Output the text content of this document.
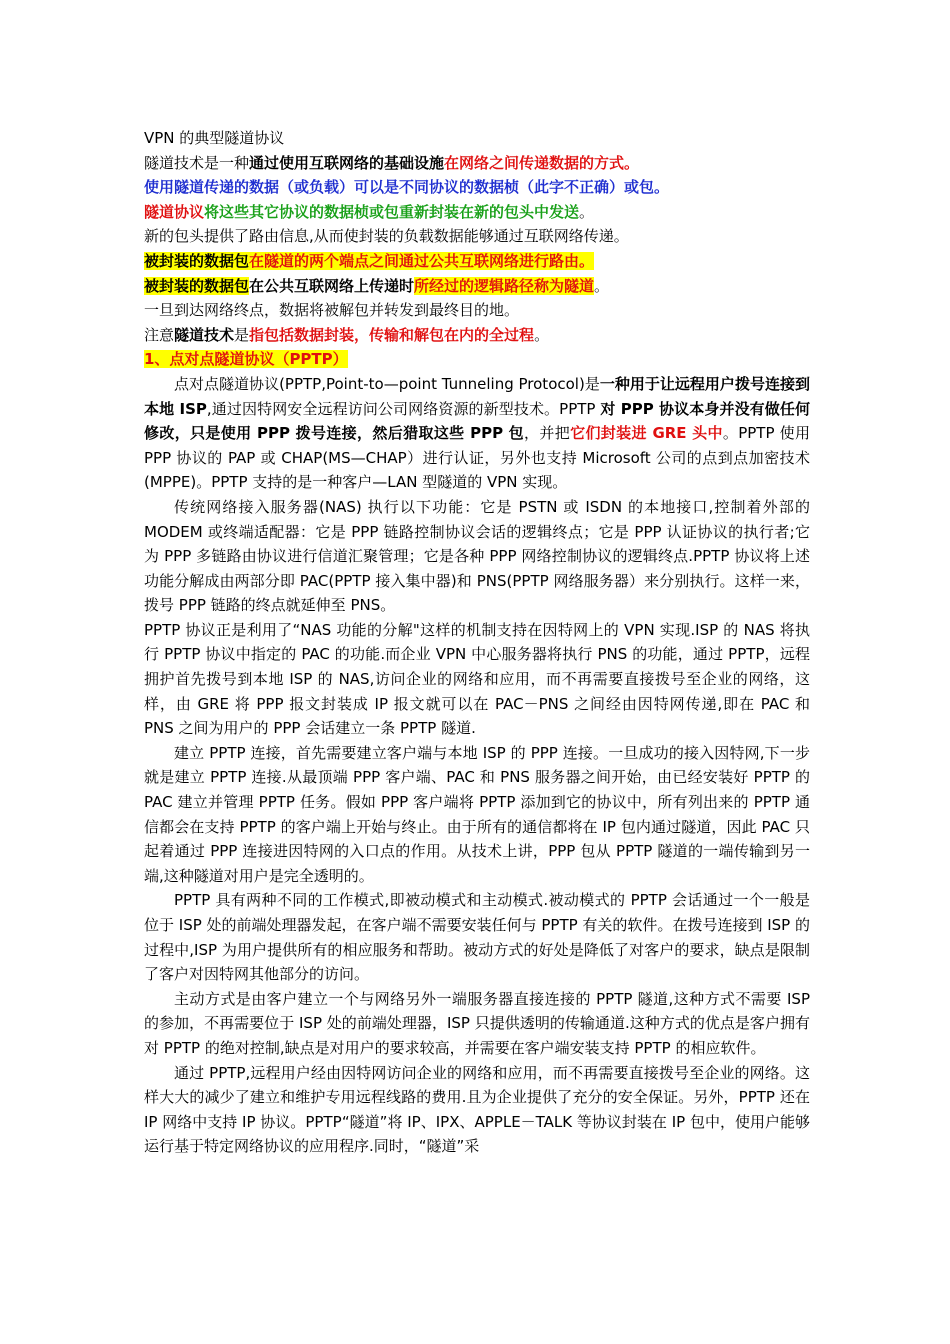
VPN 的典型隧道协议
隧道技术是一种通过使用互联网络的基础设施在网络之间传递数据的方式。
使用隧道传递的数据（或负载）可以是不同协议的数据桢（此字不正确）或包。
隧道协议将这些其它协议的数据桢或包重新封装在新的包头中发送。
新的包头提供了路由信息,从而使封装的负载数据能够通过互联网络传递。
被封装的数据包在隧道的两个端点之间通过公共互联网络进行路由。
被封装的数据包在公共互联网络上传递时所经过的逻辑路径称为隧道。
一旦到达网络终点，数据将被解包并转发到最终目的地。
注意隧道技术是指包括数据封装，传输和解包在内的全过程。
1、点对点隧道协议（PPTP）

点对点隧道协议(PPTP,Point-to—point Tunneling Protocol)是一种用于让远程用户拨号连接到本地 ISP,通过因特网安全远程访问公司网络资源的新型技术。PPTP 对 PPP 协议本身并没有做任何修改，只是使用 PPP 拨号连接，然后猎取这些 PPP 包，并把它们封装进 GRE 头中。PPTP 使用 PPP 协议的 PAP 或 CHAP(MS—CHAP）进行认证，另外也支持 Microsoft 公司的点到点加密技术(MPPE)。PPTP 支持的是一种客户—LAN 型隧道的 VPN 实现。

传统网络接入服务器(NAS) 执行以下功能：它是 PSTN 或 ISDN 的本地接口,控制着外部的 MODEM 或终端适配器：它是 PPP 链路控制协议会话的逻辑终点；它是 PPP 认证协议的执行者;它为 PPP 多链路由协议进行信道汇聚管理；它是各种 PPP 网络控制协议的逻辑终点.PPTP 协议将上述功能分解成由两部分即 PAC(PPTP 接入集中器)和 PNS(PPTP 网络服务器）来分别执行。这样一来，拨号 PPP 链路的终点就延伸至 PNS。

PPTP 协议正是利用了“NAS 功能的分解"这样的机制支持在因特网上的 VPN 实现.ISP 的 NAS 将执行 PPTP 协议中指定的 PAC 的功能.而企业 VPN 中心服务器将执行 PNS 的功能，通过 PPTP，远程拥护首先拨号到本地 ISP 的 NAS,访问企业的网络和应用，而不再需要直接拨号至企业的网络，这样，由 GRE 将 PPP 报文封装成 IP 报文就可以在 PAC－PNS 之间经由因特网传递,即在 PAC 和 PNS 之间为用户的 PPP 会话建立一条 PPTP 隧道.

建立 PPTP 连接，首先需要建立客户端与本地 ISP 的 PPP 连接。一旦成功的接入因特网,下一步就是建立 PPTP 连接.从最顶端 PPP 客户端、PAC 和 PNS 服务器之间开始，由已经安装好 PPTP 的 PAC 建立并管理 PPTP 任务。假如 PPP 客户端将 PPTP 添加到它的协议中，所有列出来的 PPTP 通信都会在支持 PPTP 的客户端上开始与终止。由于所有的通信都将在 IP 包内通过隧道，因此 PAC 只起着通过 PPP 连接进因特网的入口点的作用。从技术上讲，PPP 包从 PPTP 隧道的一端传输到另一端,这种隧道对用户是完全透明的。

PPTP 具有两种不同的工作模式,即被动模式和主动模式.被动模式的 PPTP 会话通过一个一般是位于 ISP 处的前端处理器发起，在客户端不需要安装任何与 PPTP 有关的软件。在拨号连接到 ISP 的过程中,ISP 为用户提供所有的相应服务和帮助。被动方式的好处是降低了对客户的要求，缺点是限制了客户对因特网其他部分的访问。

主动方式是由客户建立一个与网络另外一端服务器直接连接的 PPTP 隧道,这种方式不需要 ISP 的参加，不再需要位于 ISP 处的前端处理器，ISP 只提供透明的传输通道.这种方式的优点是客户拥有对 PPTP 的绝对控制,缺点是对用户的要求较高，并需要在客户端安装支持 PPTP 的相应软件。

通过 PPTP,远程用户经由因特网访问企业的网络和应用，而不再需要直接拨号至企业的网络。这样大大的减少了建立和维护专用远程线路的费用.且为企业提供了充分的安全保证。另外，PPTP 还在 IP 网络中支持 IP 协议。PPTP“隧道”将 IP、IPX、APPLE－TALK 等协议封装在 IP 包中，使用户能够运行基于特定网络协议的应用程序.同时，“隧道”采
